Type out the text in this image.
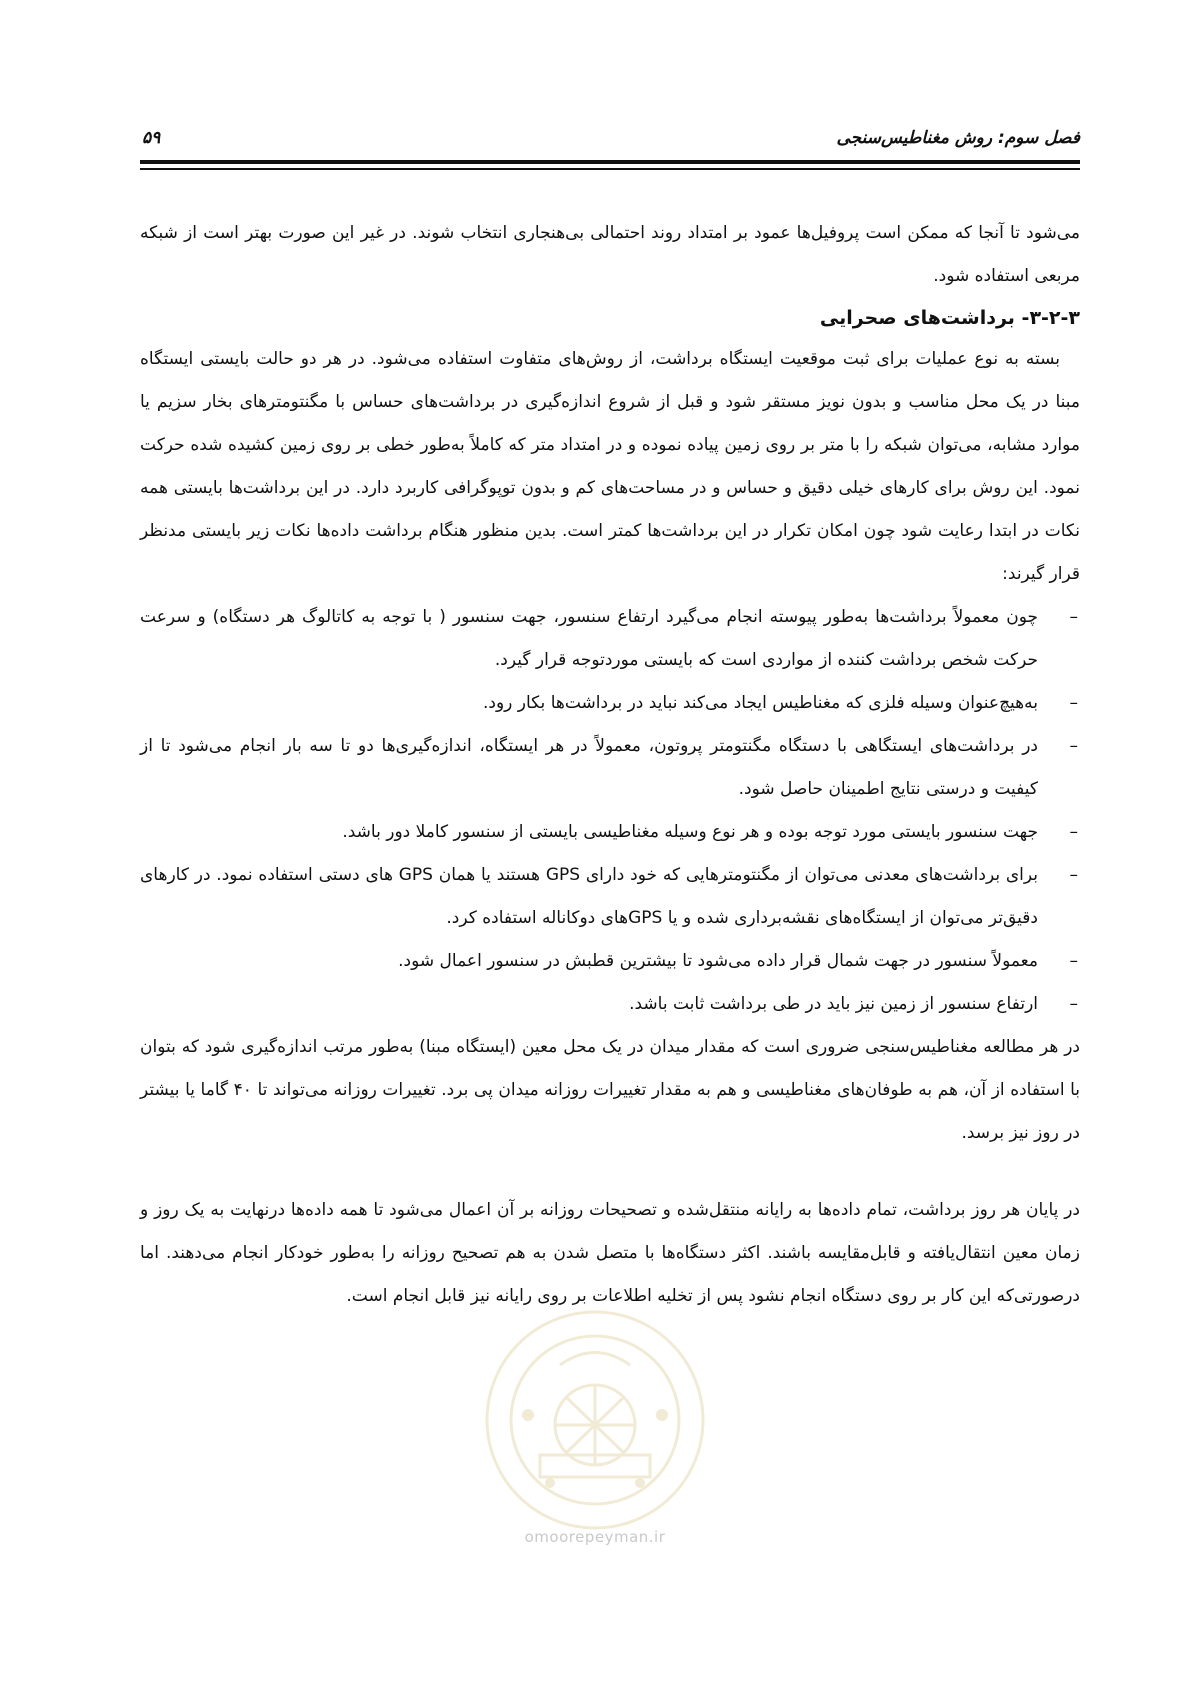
فصل سوم: روش مغناطیس‌سنجی
۵۹

می‌شود تا آنجا که ممکن است پروفیل‌ها عمود بر امتداد روند احتمالی بی‌هنجاری انتخاب شوند. در غیر این صورت بهتر است از شبکه مربعی استفاده شود.

۳-۲-۳- برداشت‌های صحرایی

بسته به نوع عملیات برای ثبت موقعیت ایستگاه برداشت، از روش‌های متفاوت استفاده می‌شود. در هر دو حالت بایستی ایستگاه مبنا در یک محل مناسب و بدون نویز مستقر شود و قبل از شروع اندازه‌گیری در برداشت‌های حساس با مگنتومترهای بخار سزیم یا موارد مشابه، می‌توان شبکه را با متر بر روی زمین پیاده نموده و در امتداد متر که کاملاً به‌طور خطی بر روی زمین کشیده شده حرکت نمود. این روش برای کارهای خیلی دقیق و حساس و در مساحت‌های کم و بدون توپوگرافی کاربرد دارد. در این برداشت‌ها بایستی همه نکات در ابتدا رعایت شود چون امکان تکرار در این برداشت‌ها کمتر است. بدین منظور هنگام برداشت داده‌ها نکات زیر بایستی مدنظر قرار گیرند:

–
چون معمولاً برداشت‌ها به‌طور پیوسته انجام می‌گیرد ارتفاع سنسور، جهت سنسور ( با توجه به کاتالوگ هر دستگاه) و سرعت حرکت شخص برداشت کننده از مواردی است که بایستی موردتوجه قرار گیرد.
–
به‌هیچ‌عنوان وسیله فلزی که مغناطیس ایجاد می‌کند نباید در برداشت‌ها بکار رود.
–
در برداشت‌های ایستگاهی با دستگاه مگنتومتر پروتون، معمولاً در هر ایستگاه، اندازه‌گیری‌ها دو تا سه بار انجام می‌شود تا از کیفیت و درستی نتایج اطمینان حاصل شود.
–
جهت سنسور بایستی مورد توجه بوده و هر نوع وسیله مغناطیسی بایستی از سنسور کاملا دور باشد.
–
برای برداشت‌های معدنی می‌توان از مگنتومترهایی که خود دارای GPS هستند یا همان GPS های دستی استفاده نمود. در کارهای دقیق‌تر می‌توان از ایستگاه‌های نقشه‌برداری شده و یا GPSهای دوکاناله استفاده کرد.
–
معمولاً سنسور در جهت شمال قرار داده می‌شود تا بیشترین قطبش در سنسور اعمال شود.
–
ارتفاع سنسور از زمین نیز باید در طی برداشت ثابت باشد.

در هر مطالعه مغناطیس‌سنجی ضروری است که مقدار میدان در یک محل معین (ایستگاه مبنا) به‌طور مرتب اندازه‌گیری شود که بتوان با استفاده از آن، هم به طوفان‌های مغناطیسی و هم به مقدار تغییرات روزانه میدان پی برد. تغییرات روزانه می‌تواند تا ۴۰ گاما یا بیشتر در روز نیز برسد.

در پایان هر روز برداشت، تمام داده‌ها به رایانه منتقل‌شده و تصحیحات روزانه بر آن اعمال می‌شود تا همه داده‌ها درنهایت به یک روز و زمان معین انتقال‌یافته و قابل‌مقایسه باشند. اکثر دستگاه‌ها با متصل شدن به هم تصحیح روزانه را به‌طور خودکار انجام می‌دهند. اما درصورتی‌که این کار بر روی دستگاه انجام نشود پس از تخلیه اطلاعات بر روی رایانه نیز قابل انجام است.

omoorepeyman.ir
